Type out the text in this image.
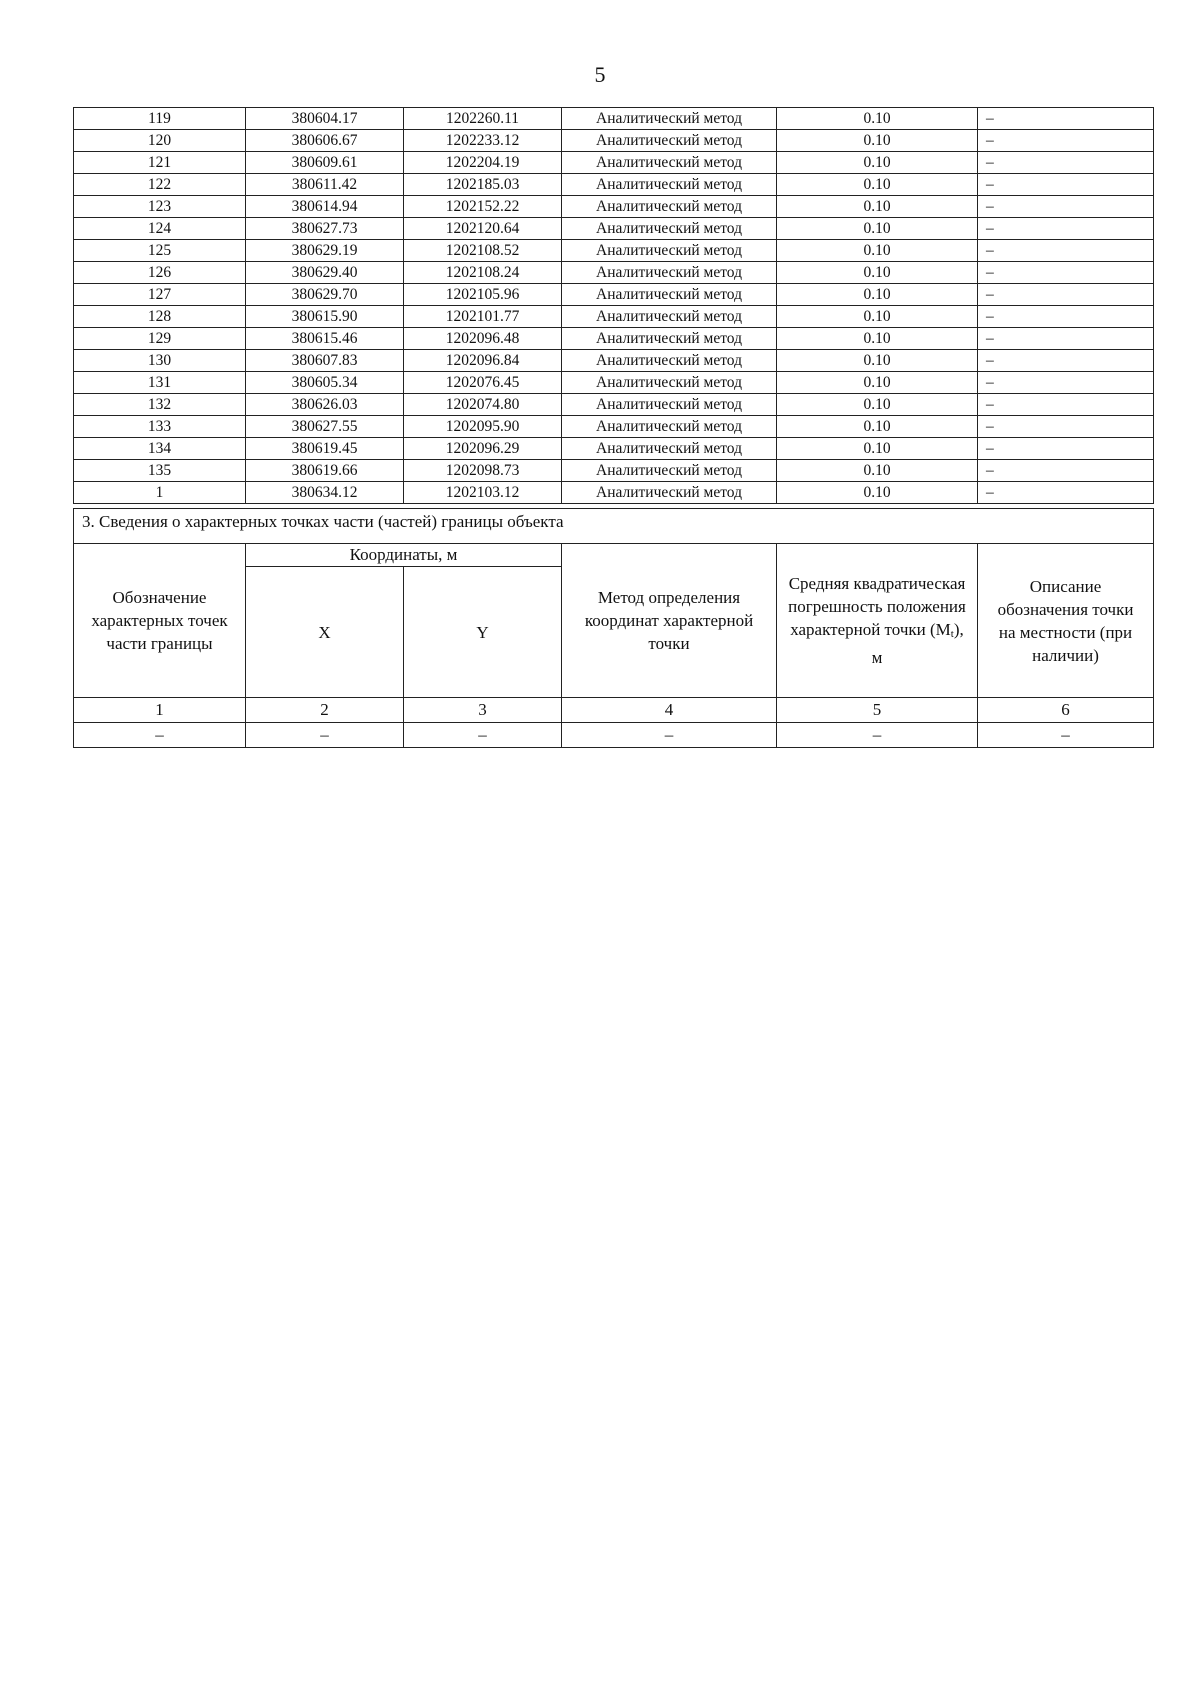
5
119	380604.17	1202260.11	Аналитический метод	0.10	–
120	380606.67	1202233.12	Аналитический метод	0.10	–
121	380609.61	1202204.19	Аналитический метод	0.10	–
122	380611.42	1202185.03	Аналитический метод	0.10	–
123	380614.94	1202152.22	Аналитический метод	0.10	–
124	380627.73	1202120.64	Аналитический метод	0.10	–
125	380629.19	1202108.52	Аналитический метод	0.10	–
126	380629.40	1202108.24	Аналитический метод	0.10	–
127	380629.70	1202105.96	Аналитический метод	0.10	–
128	380615.90	1202101.77	Аналитический метод	0.10	–
129	380615.46	1202096.48	Аналитический метод	0.10	–
130	380607.83	1202096.84	Аналитический метод	0.10	–
131	380605.34	1202076.45	Аналитический метод	0.10	–
132	380626.03	1202074.80	Аналитический метод	0.10	–
133	380627.55	1202095.90	Аналитический метод	0.10	–
134	380619.45	1202096.29	Аналитический метод	0.10	–
135	380619.66	1202098.73	Аналитический метод	0.10	–
1	380634.12	1202103.12	Аналитический метод	0.10	–
3. Сведения о характерных точках части (частей) границы объекта					
Обозначение характерных точек части границы	Координаты, м		Метод определения координат характерной точки	Средняя квадратическая погрешность положения характерной точки (Mt), м	Описание обозначения точки на местности (при наличии)
	X	Y			
1	2	3	4	5	6
–	–	–	–	–	–
